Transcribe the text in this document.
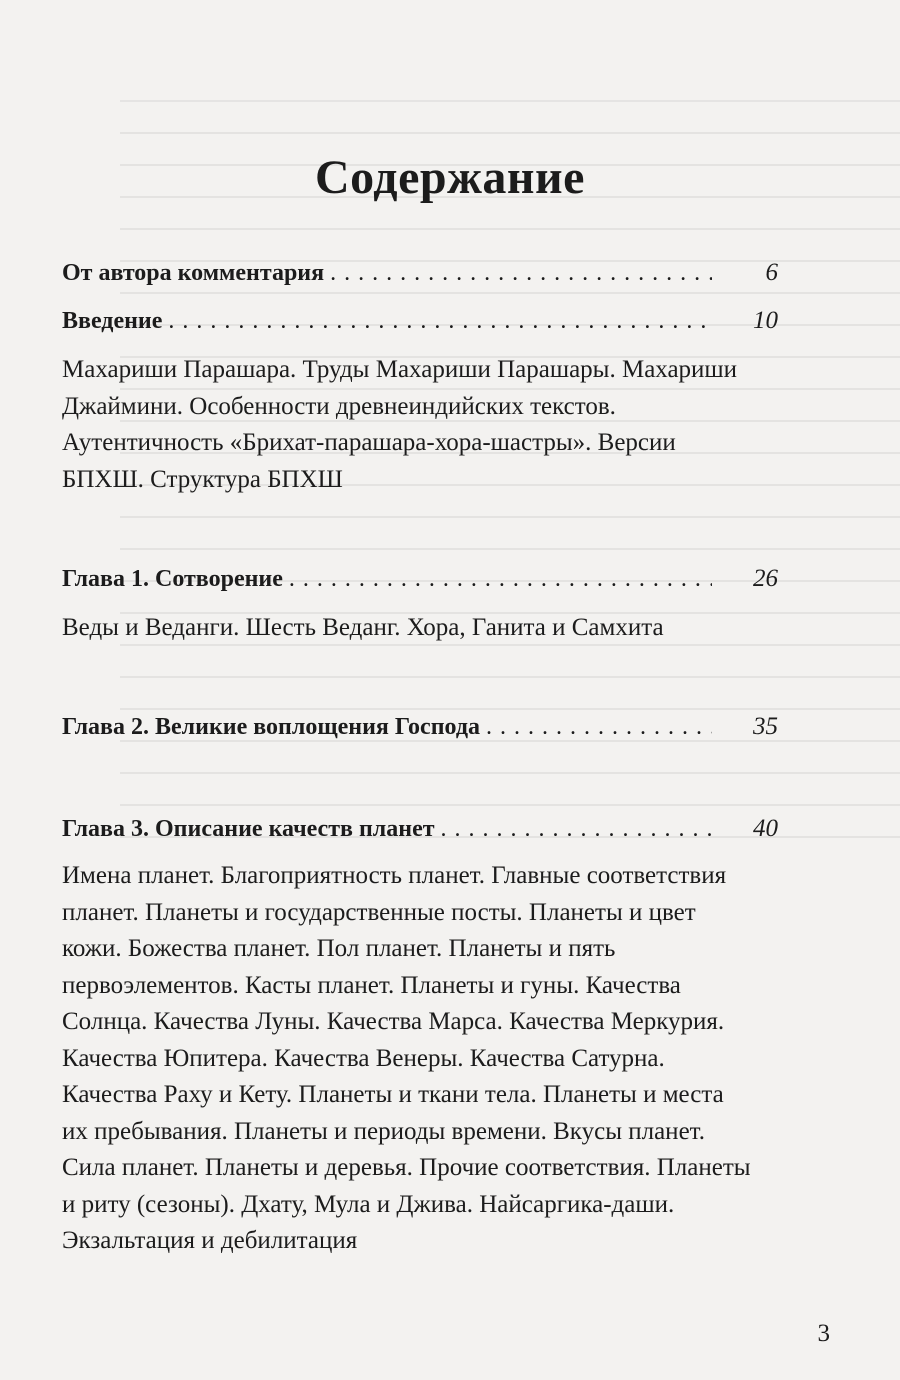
Содержание
От автора комментария . . .	6
Введение . . .	10
Махариши Парашара. Труды Махариши Парашары. Махариши Джаймини. Особенности древнеиндийских текстов. Аутентичность «Брихат-парашара-хора-шастры». Версии БПХШ. Структура БПХШ
Глава 1. Сотворение . . .	26
Веды и Веданги. Шесть Веданг. Хора, Ганита и Самхита
Глава 2. Великие воплощения Господа . . .	35
Глава 3. Описание качеств планет . . .	40
Имена планет. Благоприятность планет. Главные соответствия планет. Планеты и государственные посты. Планеты и цвет кожи. Божества планет. Пол планет. Планеты и пять первоэлементов. Касты планет. Планеты и гуны. Качества Солнца. Качества Луны. Качества Марса. Качества Меркурия. Качества Юпитера. Качества Венеры. Качества Сатурна. Качества Раху и Кету. Планеты и ткани тела. Планеты и места их пребывания. Планеты и периоды времени. Вкусы планет. Сила планет. Планеты и деревья. Прочие соответствия. Планеты и риту (сезоны). Дхату, Мула и Джива. Найсаргика-даши. Экзальтация и дебилитация
3
